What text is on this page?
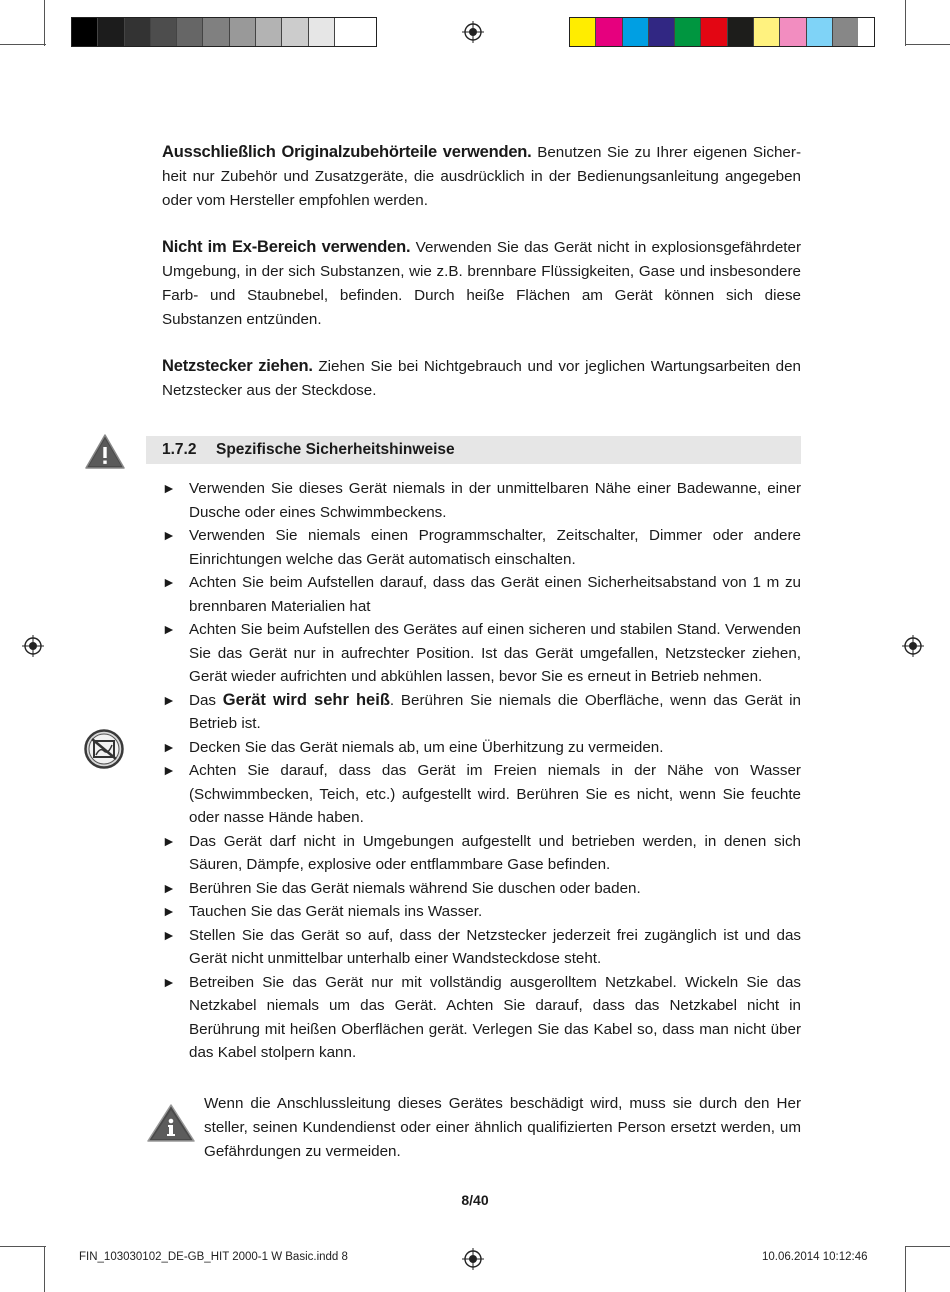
Ausschließlich Originalzubehörteile verwenden. Benutzen Sie zu Ihrer eigenen Sicherheit nur Zubehör und Zusatzgeräte, die ausdrücklich in der Bedienungsanleitung angegeben oder vom Hersteller empfohlen werden.
Nicht im Ex-Bereich verwenden. Verwenden Sie das Gerät nicht in explosionsgefährdeter Umgebung, in der sich Substanzen, wie z.B. brennbare Flüssigkeiten, Gase und insbesondere Farb- und Staubnebel, befinden. Durch heiße Flächen am Gerät können sich diese Substanzen entzünden.
Netzstecker ziehen. Ziehen Sie bei Nichtgebrauch und vor jeglichen Wartungsarbeiten den Netzstecker aus der Steckdose.
1.7.2 Spezifische Sicherheitshinweise
► Verwenden Sie dieses Gerät niemals in der unmittelbaren Nähe einer Badewanne, einer Dusche oder eines Schwimmbeckens.
► Verwenden Sie niemals einen Programmschalter, Zeitschalter, Dimmer oder andere Einrichtungen welche das Gerät automatisch einschalten.
► Achten Sie beim Aufstellen darauf, dass das Gerät einen Sicherheitsabstand von 1 m zu brennbaren Materialien hat
► Achten Sie beim Aufstellen des Gerätes auf einen sicheren und stabilen Stand. Verwenden Sie das Gerät nur in aufrechter Position. Ist das Gerät umgefallen, Netzstecker ziehen, Gerät wieder aufrichten und abkühlen lassen, bevor Sie es erneut in Betrieb nehmen.
► Das Gerät wird sehr heiß. Berühren Sie niemals die Oberfläche, wenn das Gerät in Betrieb ist.
► Decken Sie das Gerät niemals ab, um eine Überhitzung zu vermeiden.
► Achten Sie darauf, dass das Gerät im Freien niemals in der Nähe von Wasser (Schwimmbecken, Teich, etc.) aufgestellt wird. Berühren Sie es nicht, wenn Sie feuchte oder nasse Hände haben.
► Das Gerät darf nicht in Umgebungen aufgestellt und betrieben werden, in denen sich Säuren, Dämpfe, explosive oder entflammbare Gase befinden.
► Berühren Sie das Gerät niemals während Sie duschen oder baden.
► Tauchen Sie das Gerät niemals ins Wasser.
► Stellen Sie das Gerät so auf, dass der Netzstecker jederzeit frei zugänglich ist und das Gerät nicht unmittelbar unterhalb einer Wandsteckdose steht.
► Betreiben Sie das Gerät nur mit vollständig ausgerolltem Netzkabel. Wickeln Sie das Netzkabel niemals um das Gerät. Achten Sie darauf, dass das Netzkabel nicht in Berührung mit heißen Oberflächen gerät. Verlegen Sie das Kabel so, dass man nicht über das Kabel stolpern kann.
Wenn die Anschlussleitung dieses Gerätes beschädigt wird, muss sie durch den Her steller, seinen Kundendienst oder einer ähnlich qualifizierten Person ersetzt werden, um Gefährdungen zu vermeiden.
8/40
FIN_103030102_DE-GB_HIT 2000-1 W Basic.indd 8	10.06.2014 10:12:46
